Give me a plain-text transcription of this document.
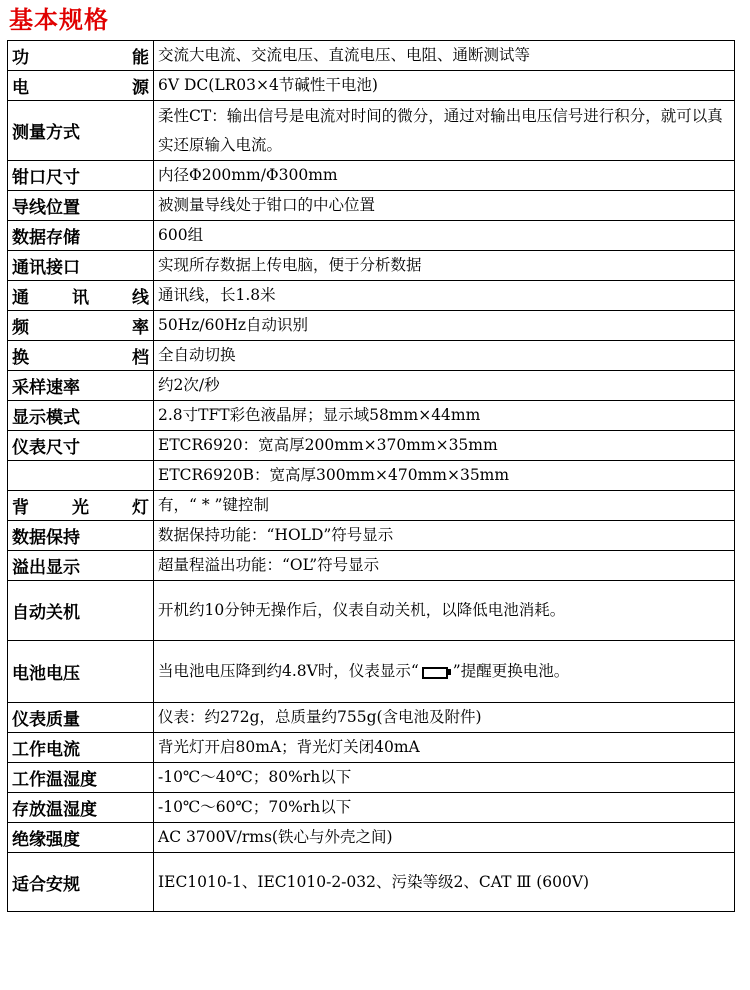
基本规格
功 能	交流大电流、交流电压、直流电压、电阻、通断测试等
电 源	6V DC(LR03×4节碱性干电池)
测量方式	柔性CT：输出信号是电流对时间的微分，通过对输出电压信号进行积分，就可以真实还原输入电流。
钳口尺寸	内径Φ200mm/Φ300mm
导线位置	被测量导线处于钳口的中心位置
数据存储	600组
通讯接口	实现所存数据上传电脑，便于分析数据
通 讯 线	通讯线，长1.8米
频 率	50Hz/60Hz自动识别
换 档	全自动切换
采样速率	约2次/秒
显示模式	2.8寸TFT彩色液晶屏；显示域58mm×44mm
仪表尺寸	ETCR6920：宽高厚200mm×370mm×35mm
	ETCR6920B：宽高厚300mm×470mm×35mm
背 光 灯	有，“ * ”键控制
数据保持	数据保持功能：“HOLD”符号显示
溢出显示	超量程溢出功能：“OL”符号显示
自动关机	开机约10分钟无操作后，仪表自动关机，以降低电池消耗。
电池电压	当电池电压降到约4.8V时，仪表显示“ ”提醒更换电池。
仪表质量	仪表：约272g，总质量约755g(含电池及附件)
工作电流	背光灯开启80mA；背光灯关闭40mA
工作温湿度	-10℃～40℃；80%rh以下
存放温湿度	-10℃～60℃；70%rh以下
绝缘强度	AC 3700V/rms(铁心与外壳之间)
适合安规	IEC1010-1、IEC1010-2-032、污染等级2、CAT Ⅲ (600V)
